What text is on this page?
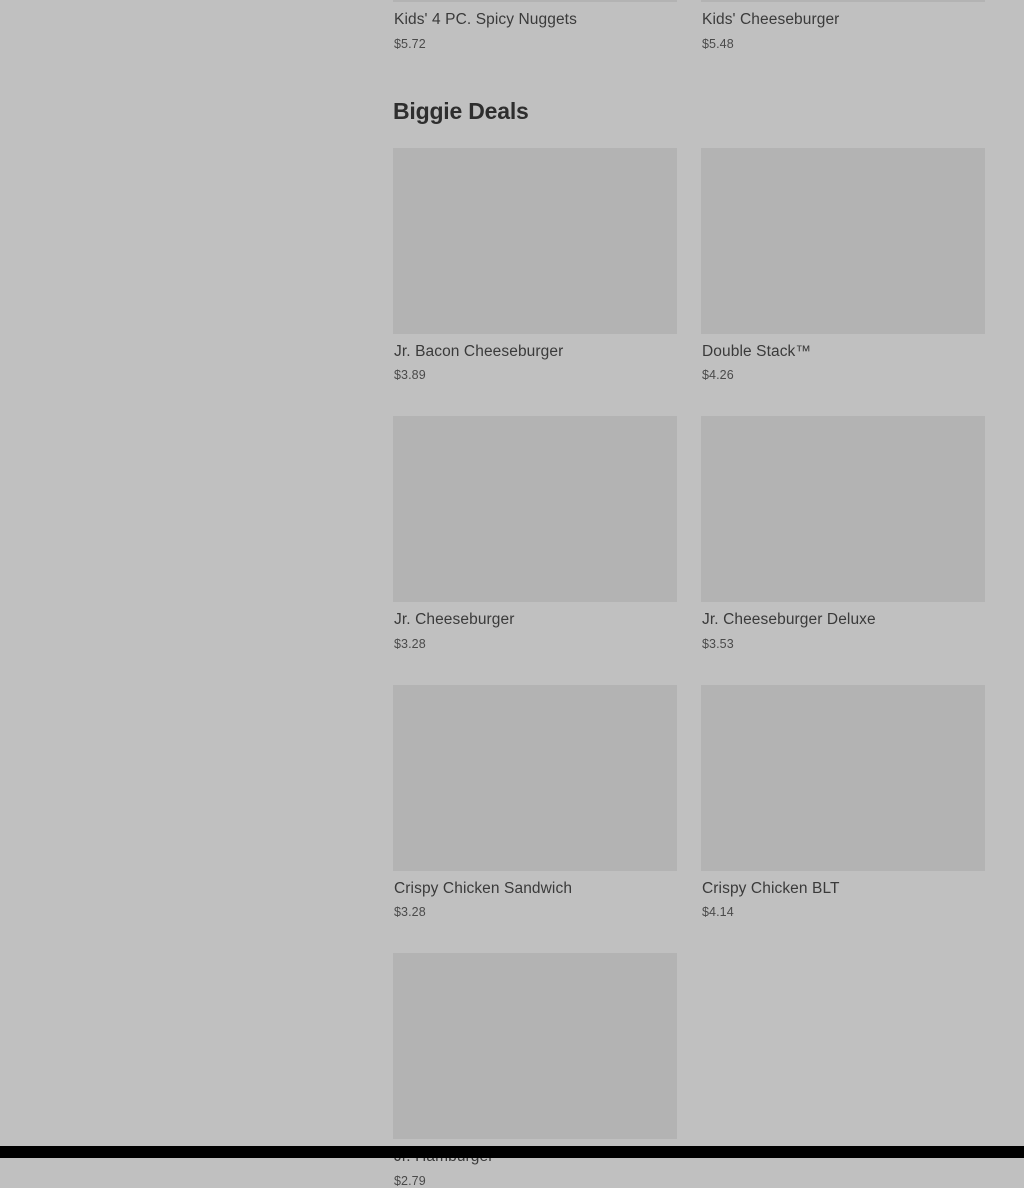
Kids' 4 PC. Spicy Nuggets
$5.72
Kids' Cheeseburger
$5.48
Biggie Deals
Jr. Bacon Cheeseburger
$3.89
Double Stack™
$4.26
Jr. Cheeseburger
$3.28
Jr. Cheeseburger Deluxe
$3.53
Crispy Chicken Sandwich
$3.28
Crispy Chicken BLT
$4.14
$2.79
